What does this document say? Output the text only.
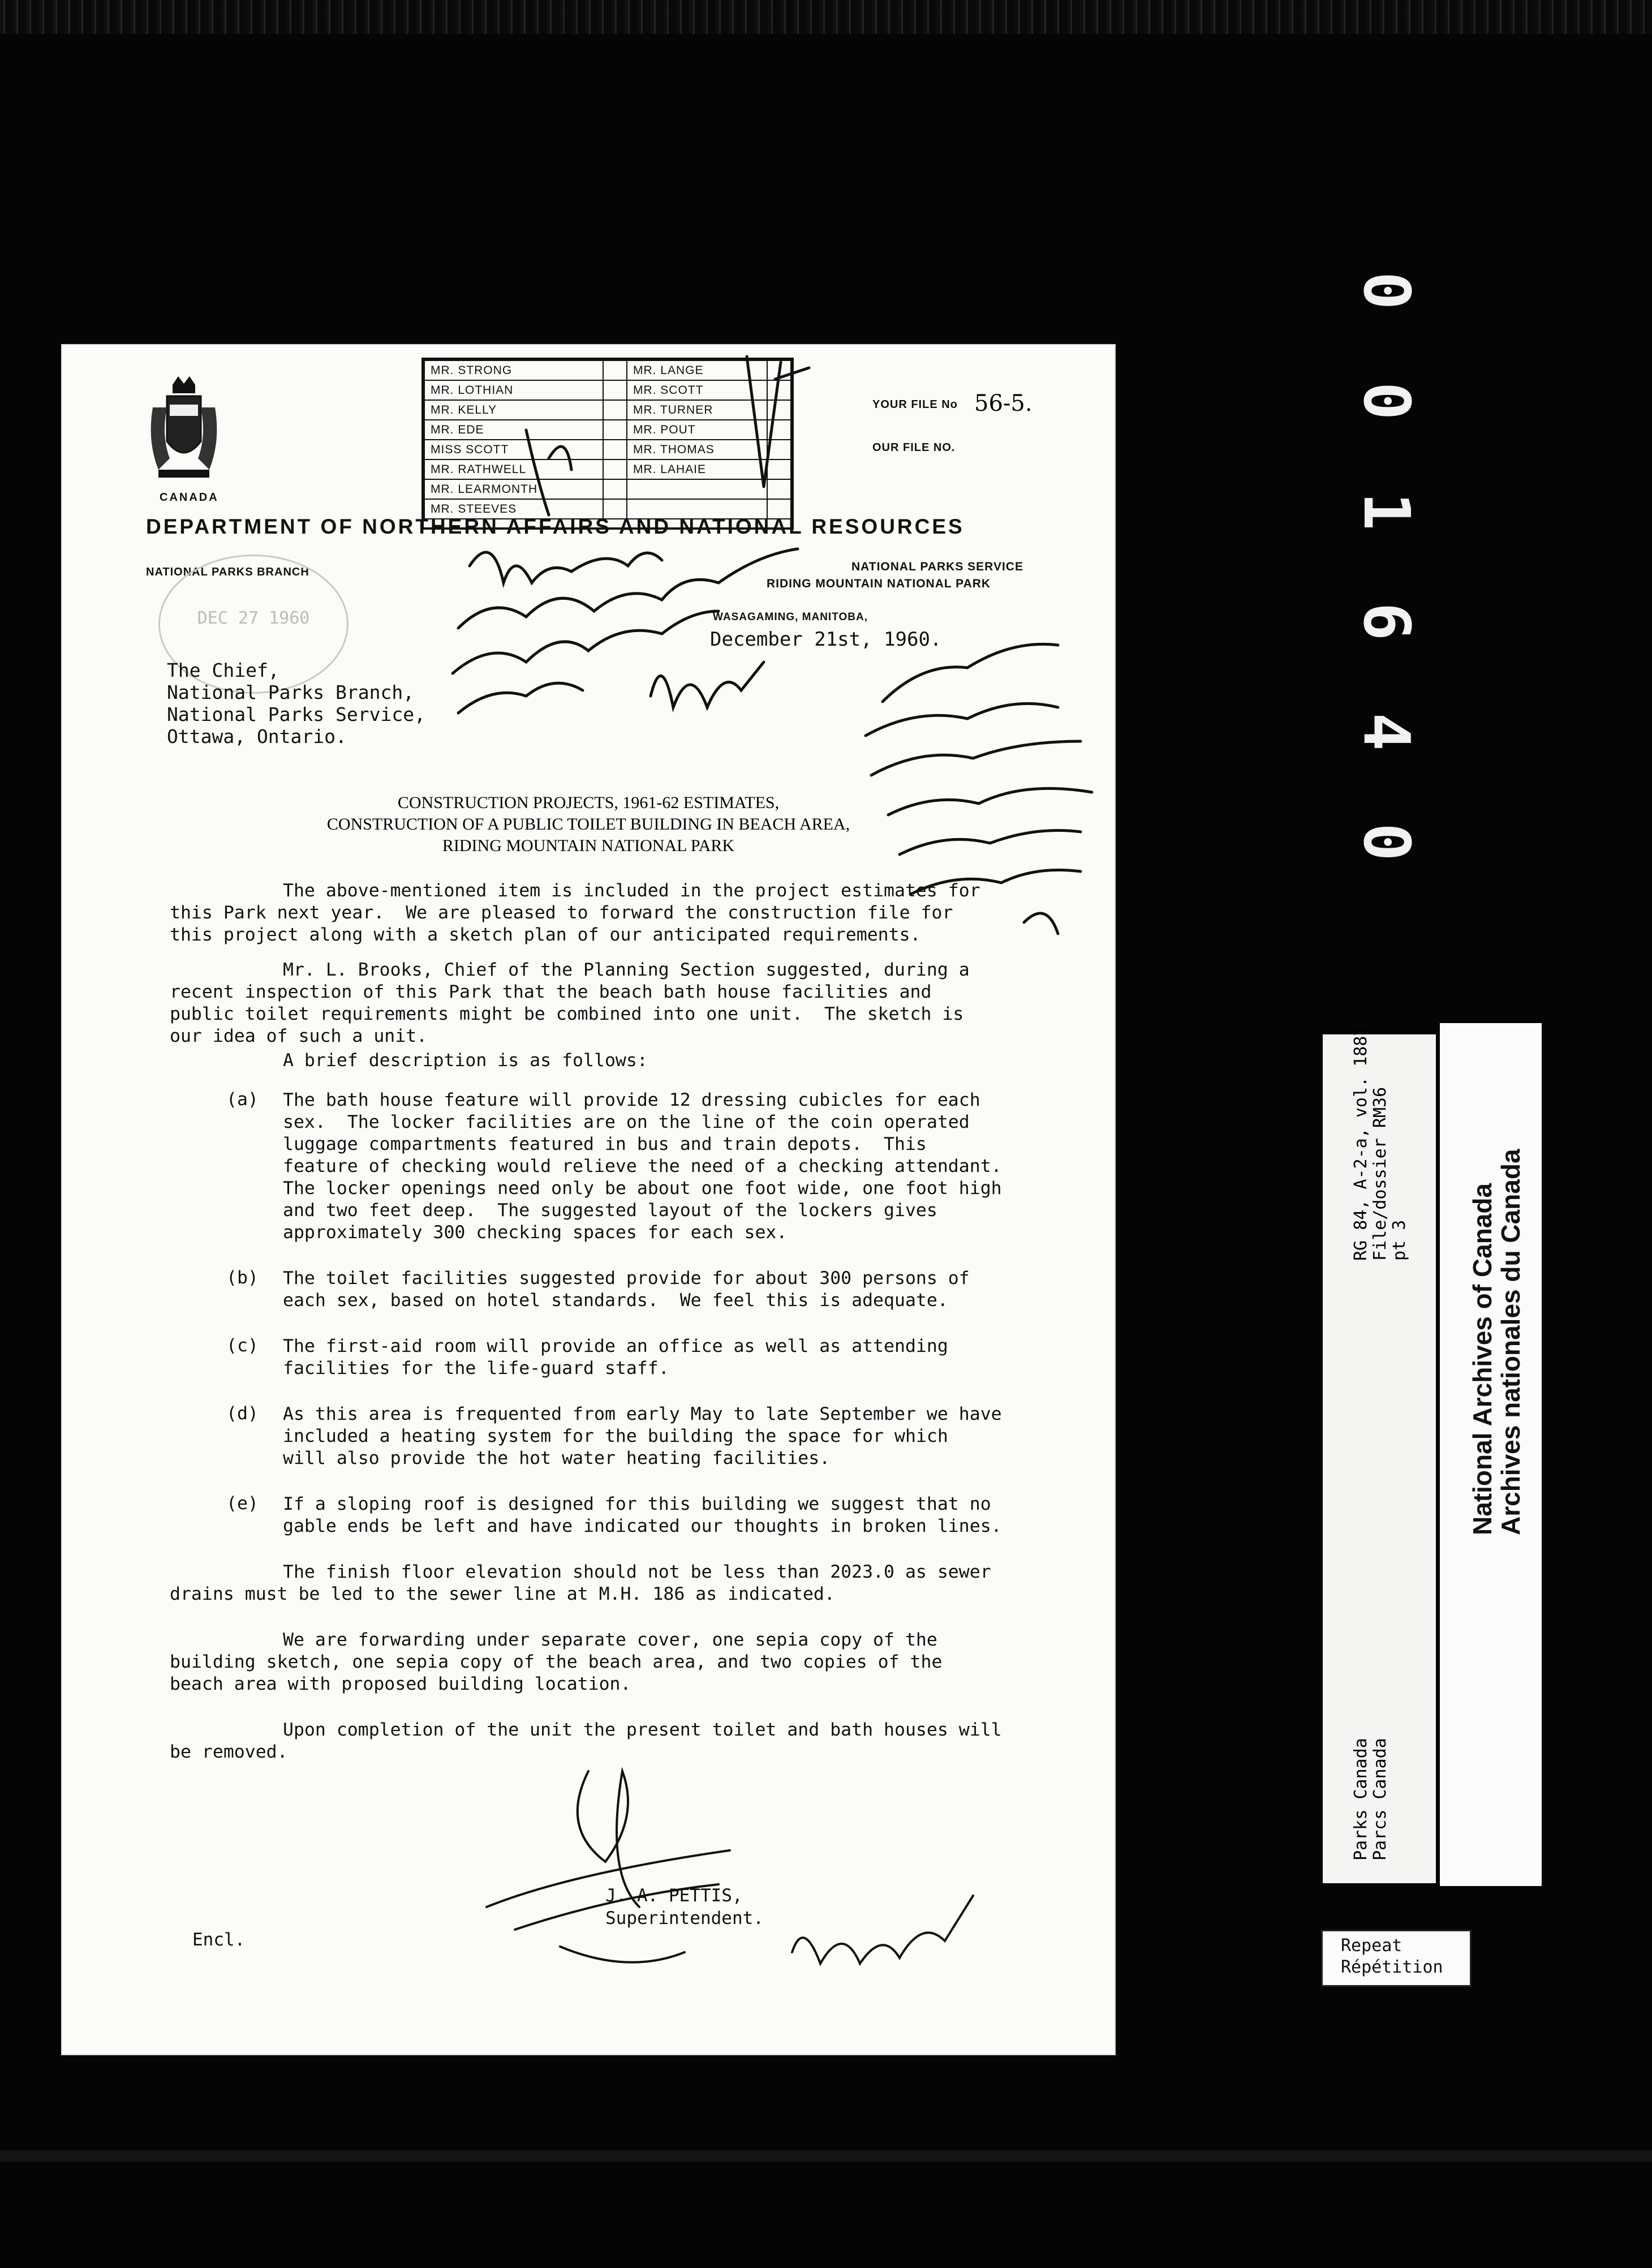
0 0 1 6 4 0
CANADA
MR. STRONG		MR. LANGE	
MR. LOTHIAN		MR. SCOTT	
MR. KELLY		MR. TURNER	
MR. EDE		MR. POUT	
MISS SCOTT		MR. THOMAS	
MR. RATHWELL		MR. LAHAIE	
MR. LEARMONTH			
MR. STEEVES			
YOUR FILE No 56-5.
OUR FILE NO.
DEPARTMENT OF NORTHERN AFFAIRS AND NATIONAL RESOURCES
NATIONAL PARKS BRANCH	NATIONAL PARKS SERVICE
RIDING MOUNTAIN NATIONAL PARK
DEC 27 1960	WASAGAMING, MANITOBA,
December 21st, 1960.
The Chief,
National Parks Branch,
National Parks Service,
Ottawa, Ontario.
CONSTRUCTION PROJECTS, 1961-62 ESTIMATES,
CONSTRUCTION OF A PUBLIC TOILET BUILDING IN BEACH AREA,
RIDING MOUNTAIN NATIONAL PARK
The above-mentioned item is included in the project estimates for
this Park next year.  We are pleased to forward the construction file for
this project along with a sketch plan of our anticipated requirements.
Mr. L. Brooks, Chief of the Planning Section suggested, during a
recent inspection of this Park that the beach bath house facilities and
public toilet requirements might be combined into one unit.  The sketch is
our idea of such a unit.
A brief description is as follows:
(a) The bath house feature will provide 12 dressing cubicles for each
sex.  The locker facilities are on the line of the coin operated
luggage compartments featured in bus and train depots.  This
feature of checking would relieve the need of a checking attendant.
The locker openings need only be about one foot wide, one foot high
and two feet deep.  The suggested layout of the lockers gives
approximately 300 checking spaces for each sex.
(b) The toilet facilities suggested provide for about 300 persons of
each sex, based on hotel standards.  We feel this is adequate.
(c) The first-aid room will provide an office as well as attending
facilities for the life-guard staff.
(d) As this area is frequented from early May to late September we have
included a heating system for the building the space for which
will also provide the hot water heating facilities.
(e) If a sloping roof is designed for this building we suggest that no
gable ends be left and have indicated our thoughts in broken lines.
The finish floor elevation should not be less than 2023.0 as sewer
drains must be led to the sewer line at M.H. 186 as indicated.
We are forwarding under separate cover, one sepia copy of the
building sketch, one sepia copy of the beach area, and two copies of the
beach area with proposed building location.
Upon completion of the unit the present toilet and bath houses will
be removed.
J. A. PETTIS,
Superintendent.
Encl.
RG 84, A-2-a, vol. 1887 File/dossier RM36 pt 3
Parks Canada Parcs Canada
National Archives of Canada
Archives nationales du Canada
Repeat
Répétition
